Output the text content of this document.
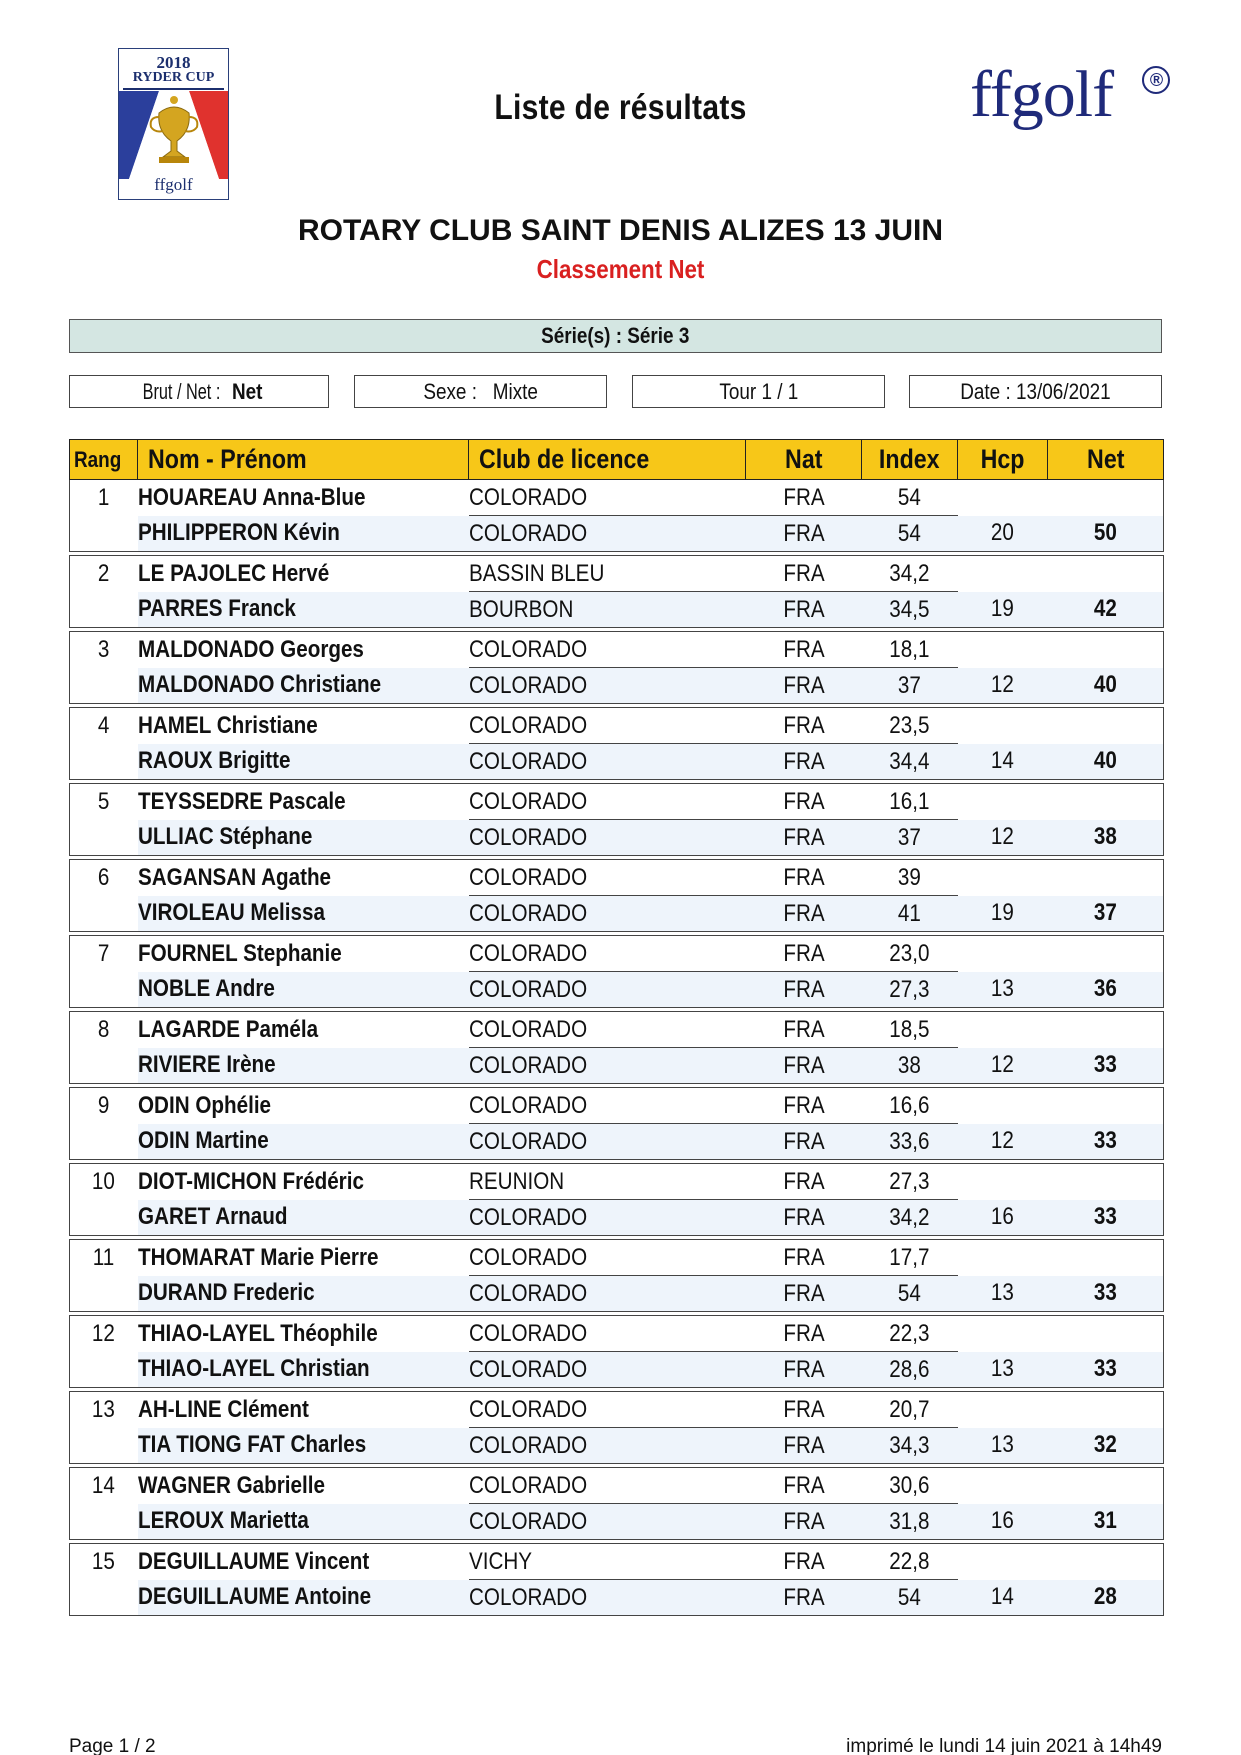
2018
RYDER CUP
ffgolf
Liste de résultats	ffgolf	®
ROTARY CLUB SAINT DENIS ALIZES 13 JUIN
Classement Net
Série(s) : Série 3
Brut / Net : Net	Sexe :   Mixte	Tour 1 / 1	Date : 13/06/2021
Rang	Nom - Prénom	Club de licence	Nat	Index	Hcp	Net
1	HOUAREAU Anna-Blue	COLORADO	FRA	54		
	PHILIPPERON Kévin	COLORADO	FRA	54	20	50

2	LE PAJOLEC Hervé	BASSIN BLEU	FRA	34,2		
	PARRES Franck	BOURBON	FRA	34,5	19	42

3	MALDONADO Georges	COLORADO	FRA	18,1		
	MALDONADO Christiane	COLORADO	FRA	37	12	40

4	HAMEL Christiane	COLORADO	FRA	23,5		
	RAOUX Brigitte	COLORADO	FRA	34,4	14	40

5	TEYSSEDRE Pascale	COLORADO	FRA	16,1		
	ULLIAC Stéphane	COLORADO	FRA	37	12	38

6	SAGANSAN Agathe	COLORADO	FRA	39		
	VIROLEAU Melissa	COLORADO	FRA	41	19	37

7	FOURNEL Stephanie	COLORADO	FRA	23,0		
	NOBLE Andre	COLORADO	FRA	27,3	13	36

8	LAGARDE Paméla	COLORADO	FRA	18,5		
	RIVIERE Irène	COLORADO	FRA	38	12	33

9	ODIN Ophélie	COLORADO	FRA	16,6		
	ODIN Martine	COLORADO	FRA	33,6	12	33

10	DIOT-MICHON Frédéric	REUNION	FRA	27,3		
	GARET Arnaud	COLORADO	FRA	34,2	16	33

11	THOMARAT Marie Pierre	COLORADO	FRA	17,7		
	DURAND Frederic	COLORADO	FRA	54	13	33

12	THIAO-LAYEL Théophile	COLORADO	FRA	22,3		
	THIAO-LAYEL Christian	COLORADO	FRA	28,6	13	33

13	AH-LINE Clément	COLORADO	FRA	20,7		
	TIA TIONG FAT Charles	COLORADO	FRA	34,3	13	32

14	WAGNER Gabrielle	COLORADO	FRA	30,6		
	LEROUX Marietta	COLORADO	FRA	31,8	16	31

15	DEGUILLAUME Vincent	VICHY	FRA	22,8		
	DEGUILLAUME Antoine	COLORADO	FRA	54	14	28
Page 1 / 2	imprimé le lundi 14 juin 2021 à 14h49
